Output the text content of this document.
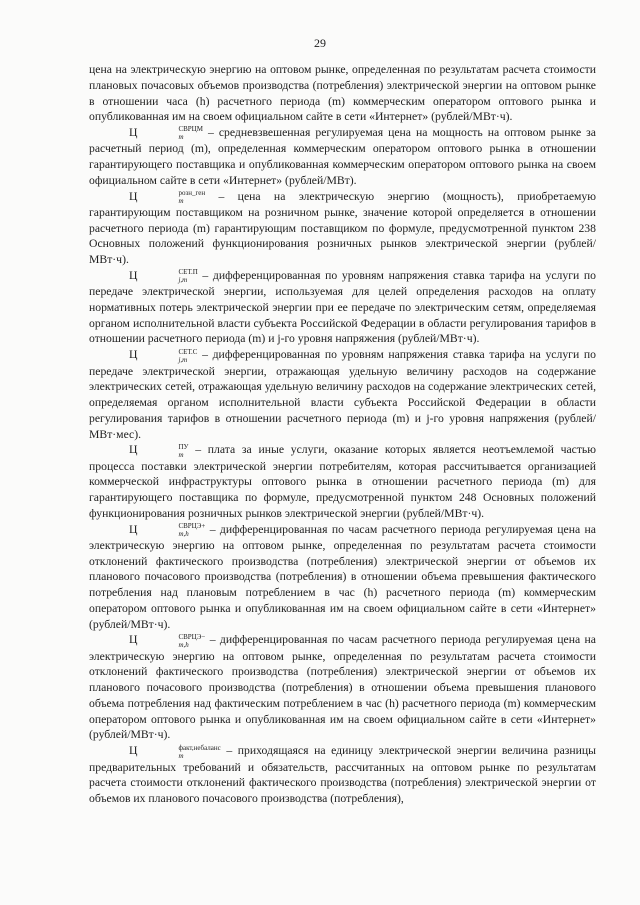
29

цена на электрическую энергию на оптовом рынке, определенная по результатам расчета стоимости плановых почасовых объемов производства (потребления) электрической энергии на оптовом рынке в отношении часа (h) расчетного периода (m) коммерческим оператором оптового рынка и опубликованная им на своем официальном сайте в сети «Интернет» (рублей/МВт·ч).

Ц	СВРЦМ
m	– средневзвешенная регулируемая цена на мощность на оптовом рынке за расчетный период (m), определенная коммерческим оператором оптового рынка в отношении гарантирующего поставщика и опубликованная коммерческим оператором оптового рынка на своем официальном сайте в сети «Интернет» (рублей/МВт).

Ц	розн_ген
m	– цена на электрическую энергию (мощность), приобретаемую гарантирующим поставщиком на розничном рынке, значение которой определяется в отношении расчетного периода (m) гарантирующим поставщиком по формуле, предусмотренной пунктом 238 Основных положений функционирования розничных рынков электрической энергии (рублей/МВт·ч).

Ц	СЕТ.П
j,m – дифференцированная по уровням напряжения ставка тарифа на услуги по передаче электрической энергии, используемая для целей определения расходов на оплату нормативных потерь электрической энергии при ее передаче по электрическим сетям, определяемая органом исполнительной власти субъекта Российской Федерации в области регулирования тарифов в отношении расчетного периода (m) и j-го уровня напряжения (рублей/МВт·ч).

Ц	СЕТ.С
j,m – дифференцированная по уровням напряжения ставка тарифа на услуги по передаче электрической энергии, отражающая удельную величину расходов на содержание электрических сетей, отражающая удельную величину расходов на содержание электрических сетей, определяемая органом исполнительной власти субъекта Российской Федерации в области регулирования тарифов в отношении расчетного периода (m) и j-го уровня напряжения (рублей/МВт·мес).

Ц	ПУ
m – плата за иные услуги, оказание которых является неотъемлемой частью процесса поставки электрической энергии потребителям, которая рассчитывается организацией коммерческой инфраструктуры оптового рынка в отношении расчетного периода (m) для гарантирующего поставщика по формуле, предусмотренной пунктом 248 Основных положений функционирования розничных рынков электрической энергии (рублей/МВт·ч).

Ц	СВРЦЭ+
m,h	– дифференцированная по часам расчетного периода регулируемая цена на электрическую энергию на оптовом рынке, определенная по результатам расчета стоимости отклонений фактического производства (потребления) электрической энергии от объемов их планового почасового производства (потребления) в отношении объема превышения фактического потребления над плановым потреблением в час (h) расчетного периода (m) коммерческим оператором оптового рынка и опубликованная им на своем официальном сайте в сети «Интернет» (рублей/МВт·ч).

Ц	СВРЦЭ−
m,h	– дифференцированная по часам расчетного периода регулируемая цена на электрическую энергию на оптовом рынке, определенная по результатам расчета стоимости отклонений фактического производства (потребления) электрической энергии от объемов их планового почасового производства (потребления) в отношении объема превышения планового объема потребления над фактическим потреблением в час (h) расчетного периода (m) коммерческим оператором оптового рынка и опубликованная им на своем официальном сайте в сети «Интернет» (рублей/МВт·ч).

Ц	факт,небаланс
m	– приходящаяся на единицу электрической энергии величина разницы предварительных требований и обязательств, рассчитанных на оптовом рынке по результатам расчета стоимости отклонений фактического производства (потребления) электрической энергии от объемов их планового почасового производства (потребления),
